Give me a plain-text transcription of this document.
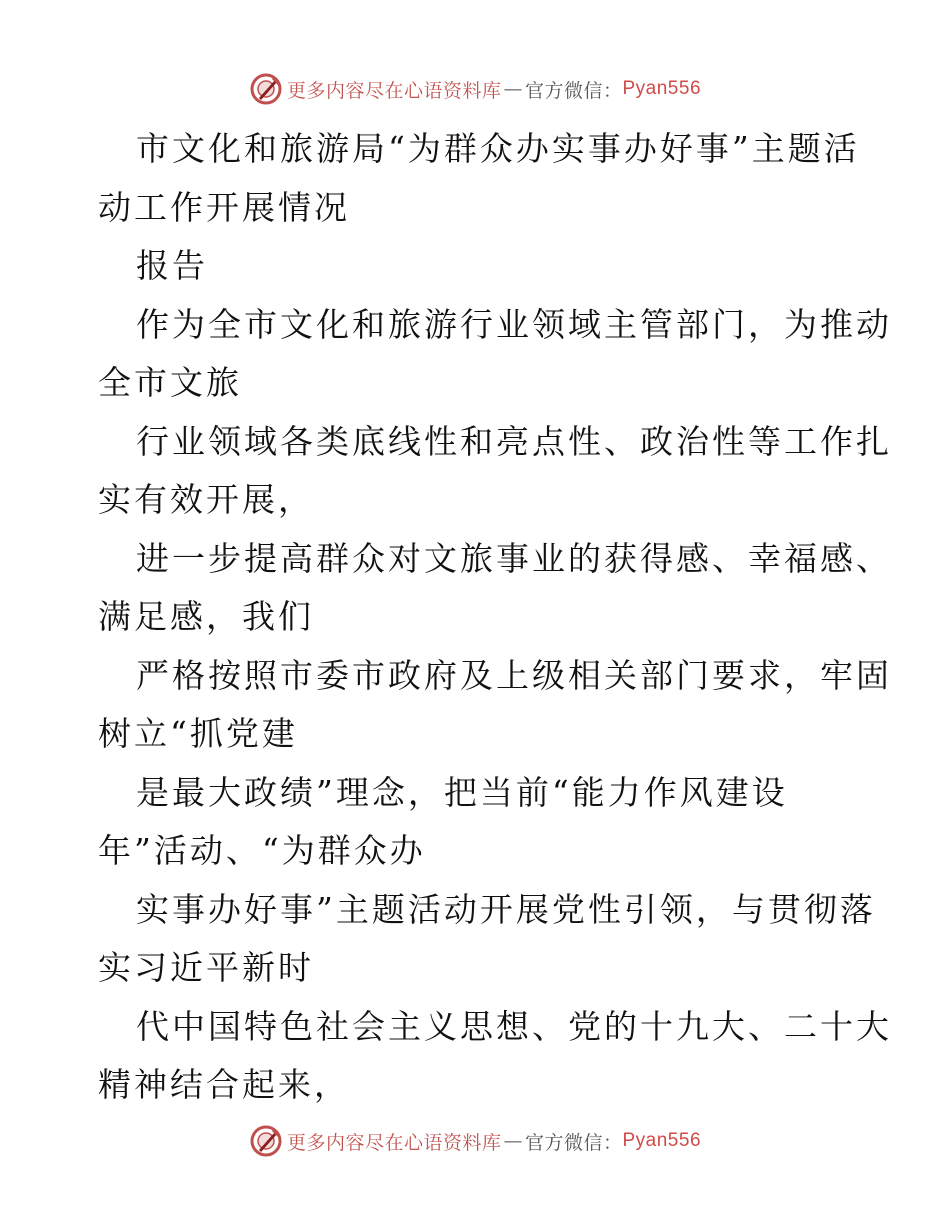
更多内容尽在心语资料库 — 官方微信： Pyan556
市文化和旅游局“为群众办实事办好事”主题活
动工作开展情况
报告
作为全市文化和旅游行业领域主管部门，为推动
全市文旅
行业领域各类底线性和亮点性、政治性等工作扎
实有效开展，
进一步提高群众对文旅事业的获得感、幸福感、
满足感，我们
严格按照市委市政府及上级相关部门要求，牢固
树立“抓党建
是最大政绩”理念，把当前“能力作风建设
年”活动、“为群众办
实事办好事”主题活动开展党性引领，与贯彻落
实习近平新时
代中国特色社会主义思想、党的十九大、二十大
精神结合起来，
更多内容尽在心语资料库 — 官方微信： Pyan556
